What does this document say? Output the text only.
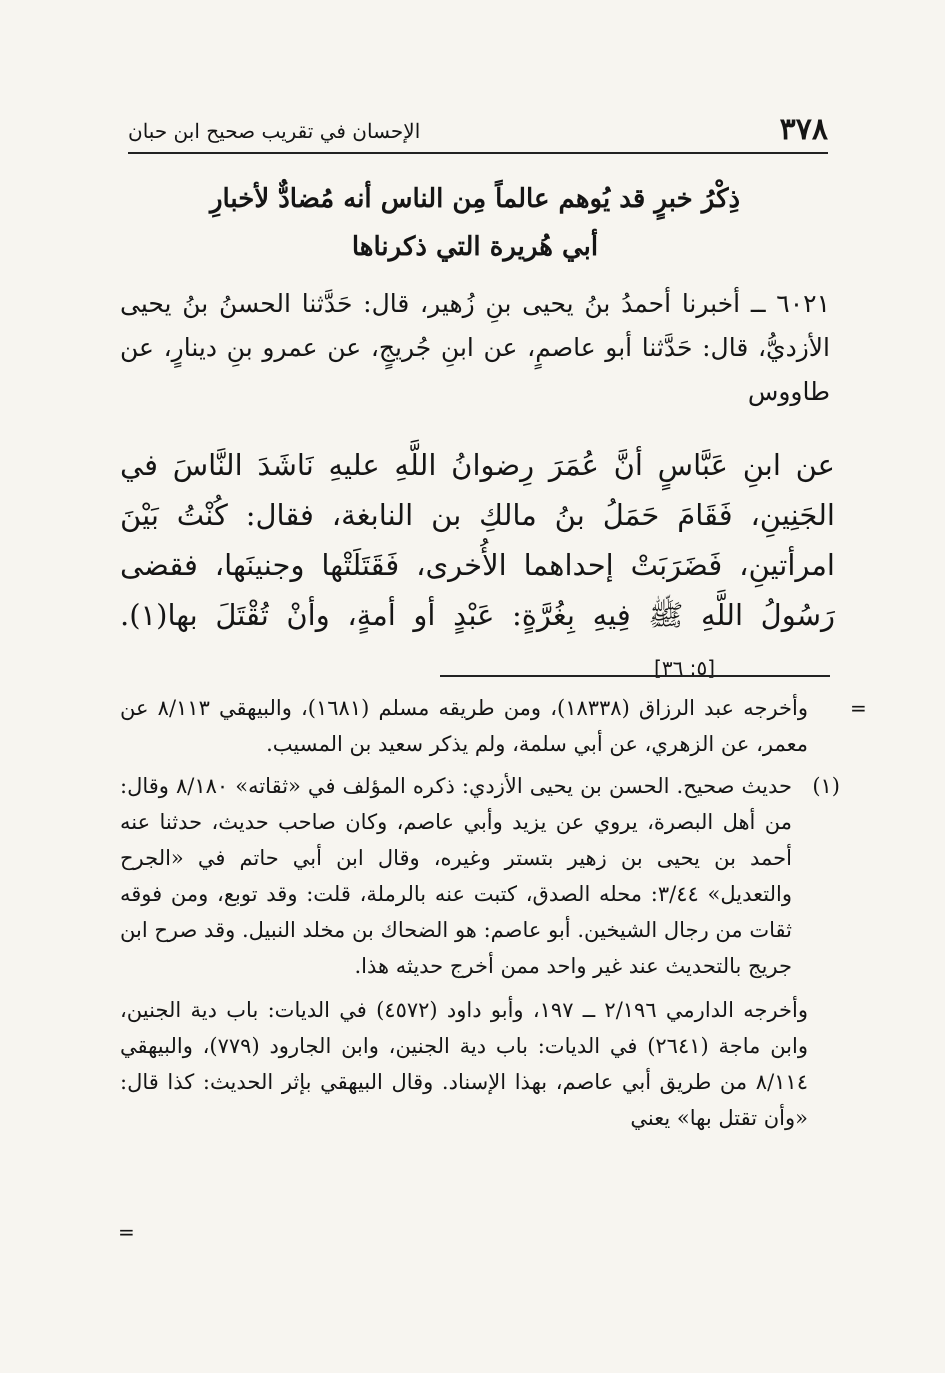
٣٧٨
الإحسان في تقريب صحيح ابن حبان
ذِكْرُ خبرٍ قد يُوهم عالماً مِن الناس أنه مُضادٌّ لأخبارِ
أبي هُريرة التي ذكرناها
٦٠٢١ ــ أخبرنا أحمدُ بنُ يحيى بنِ زُهير، قال: حَدَّثنا الحسنُ بنُ يحيى الأزديُّ، قال: حَدَّثنا أبو عاصمٍ، عن ابنِ جُريجٍ، عن عمرو بنِ دينارٍ، عن طاووس
عن ابنِ عَبَّاسٍ أنَّ عُمَرَ رِضوانُ اللَّهِ عليهِ نَاشَدَ النَّاسَ في الجَنِينِ، فَقَامَ حَمَلُ بنُ مالكِ بن النابغة، فقال: كُنْتُ بَيْنَ امرأتينِ، فَضَرَبَتْ إحداهما الأُخرى، فَقَتَلَتْها وجنينَها، فقضى رَسُولُ اللَّهِ ﷺ فِيهِ بِغُرَّةٍ: عَبْدٍ أو أمةٍ، وأنْ تُقْتَلَ بها(١). [٥: ٣٦]
=

وأخرجه عبد الرزاق (١٨٣٣٨)، ومن طريقه مسلم (١٦٨١)، والبيهقي ٨/١١٣ عن معمر، عن الزهري، عن أبي سلمة، ولم يذكر سعيد بن المسيب.

(١)
حديث صحيح. الحسن بن يحيى الأزدي: ذكره المؤلف في «ثقاته» ٨/١٨٠ وقال: من أهل البصرة، يروي عن يزيد وأبي عاصم، وكان صاحب حديث، حدثنا عنه أحمد بن يحيى بن زهير بتستر وغيره، وقال ابن أبي حاتم في «الجرح والتعديل» ٣/٤٤: محله الصدق، كتبت عنه بالرملة، قلت: وقد توبع، ومن فوقه ثقات من رجال الشيخين. أبو عاصم: هو الضحاك بن مخلد النبيل. وقد صرح ابن جريج بالتحديث عند غير واحد ممن أخرج حديثه هذا.

وأخرجه الدارمي ٢/١٩٦ ــ ١٩٧، وأبو داود (٤٥٧٢) في الديات: باب دية الجنين، وابن ماجة (٢٦٤١) في الديات: باب دية الجنين، وابن الجارود (٧٧٩)، والبيهقي ٨/١١٤ من طريق أبي عاصم، بهذا الإسناد. وقال البيهقي بإثر الحديث: كذا قال: «وأن تقتل بها» يعني

=
